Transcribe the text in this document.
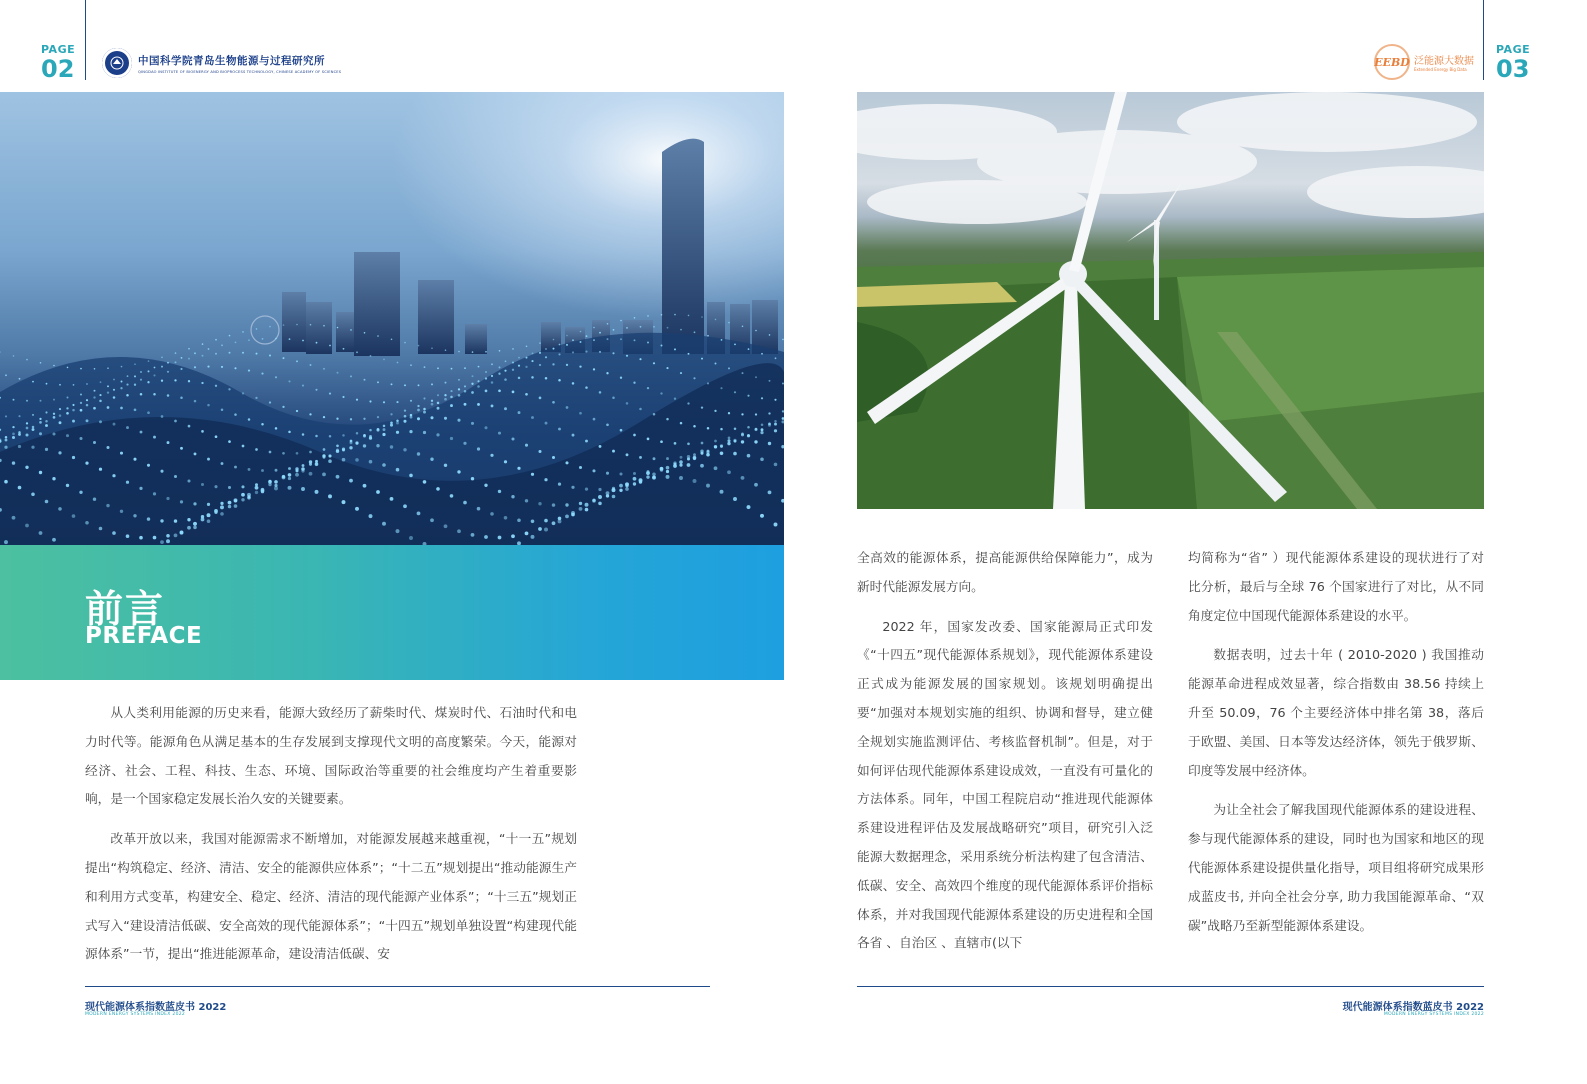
PAGE
02	中国科学院青岛生物能源与过程研究所
QINGDAO INSTITUTE OF BIOENERGY AND BIOPROCESS TECHNOLOGY, CHINESE ACADEMY OF SCIENCES
EEBD 泛能源大数据
Extended Energy Big Data
PAGE
03
前言
PREFACE

从人类利用能源的历史来看，能源大致经历了薪柴时代、煤炭时代、石油时代和电力时代等。能源角色从满足基本的生存发展到支撑现代文明的高度繁荣。今天，能源对经济、社会、工程、科技、生态、环境、国际政治等重要的社会维度均产生着重要影响，是一个国家稳定发展长治久安的关键要素。

改革开放以来，我国对能源需求不断增加，对能源发展越来越重视，“十一五”规划提出“构筑稳定、经济、清洁、安全的能源供应体系”；“十二五”规划提出“推动能源生产和利用方式变革，构建安全、稳定、经济、清洁的现代能源产业体系”；“十三五”规划正式写入“建设清洁低碳、安全高效的现代能源体系”；“十四五”规划单独设置“构建现代能源体系”一节，提出“推进能源革命，建设清洁低碳、安

全高效的能源体系，提高能源供给保障能力”，成为新时代能源发展方向。

2022 年，国家发改委、国家能源局正式印发《“十四五”现代能源体系规划》，现代能源体系建设正式成为能源发展的国家规划。该规划明确提出要“加强对本规划实施的组织、协调和督导，建立健全规划实施监测评估、考核监督机制”。但是，对于如何评估现代能源体系建设成效，一直没有可量化的方法体系。同年，中国工程院启动“推进现代能源体系建设进程评估及发展战略研究”项目，研究引入泛能源大数据理念，采用系统分析法构建了包含清洁、低碳、安全、高效四个维度的现代能源体系评价指标体系，并对我国现代能源体系建设的历史进程和全国各省 、自治区 、直辖市(以下

均简称为“省” ）现代能源体系建设的现状进行了对比分析，最后与全球 76 个国家进行了对比，从不同角度定位中国现代能源体系建设的水平。

数据表明，过去十年 ( 2010-2020 ) 我国推动能源革命进程成效显著，综合指数由 38.56 持续上升至 50.09，76 个主要经济体中排名第 38，落后于欧盟、美国、日本等发达经济体，领先于俄罗斯、印度等发展中经济体。

为让全社会了解我国现代能源体系的建设进程、参与现代能源体系的建设，同时也为国家和地区的现代能源体系建设提供量化指导，项目组将研究成果形成蓝皮书, 并向全社会分享, 助力我国能源革命、“双碳”战略乃至新型能源体系建设。

现代能源体系指数蓝皮书 2022
MODERN ENERGY SYSTEMS INDEX 2022
现代能源体系指数蓝皮书 2022
MODERN ENERGY SYSTEMS INDEX 2022
